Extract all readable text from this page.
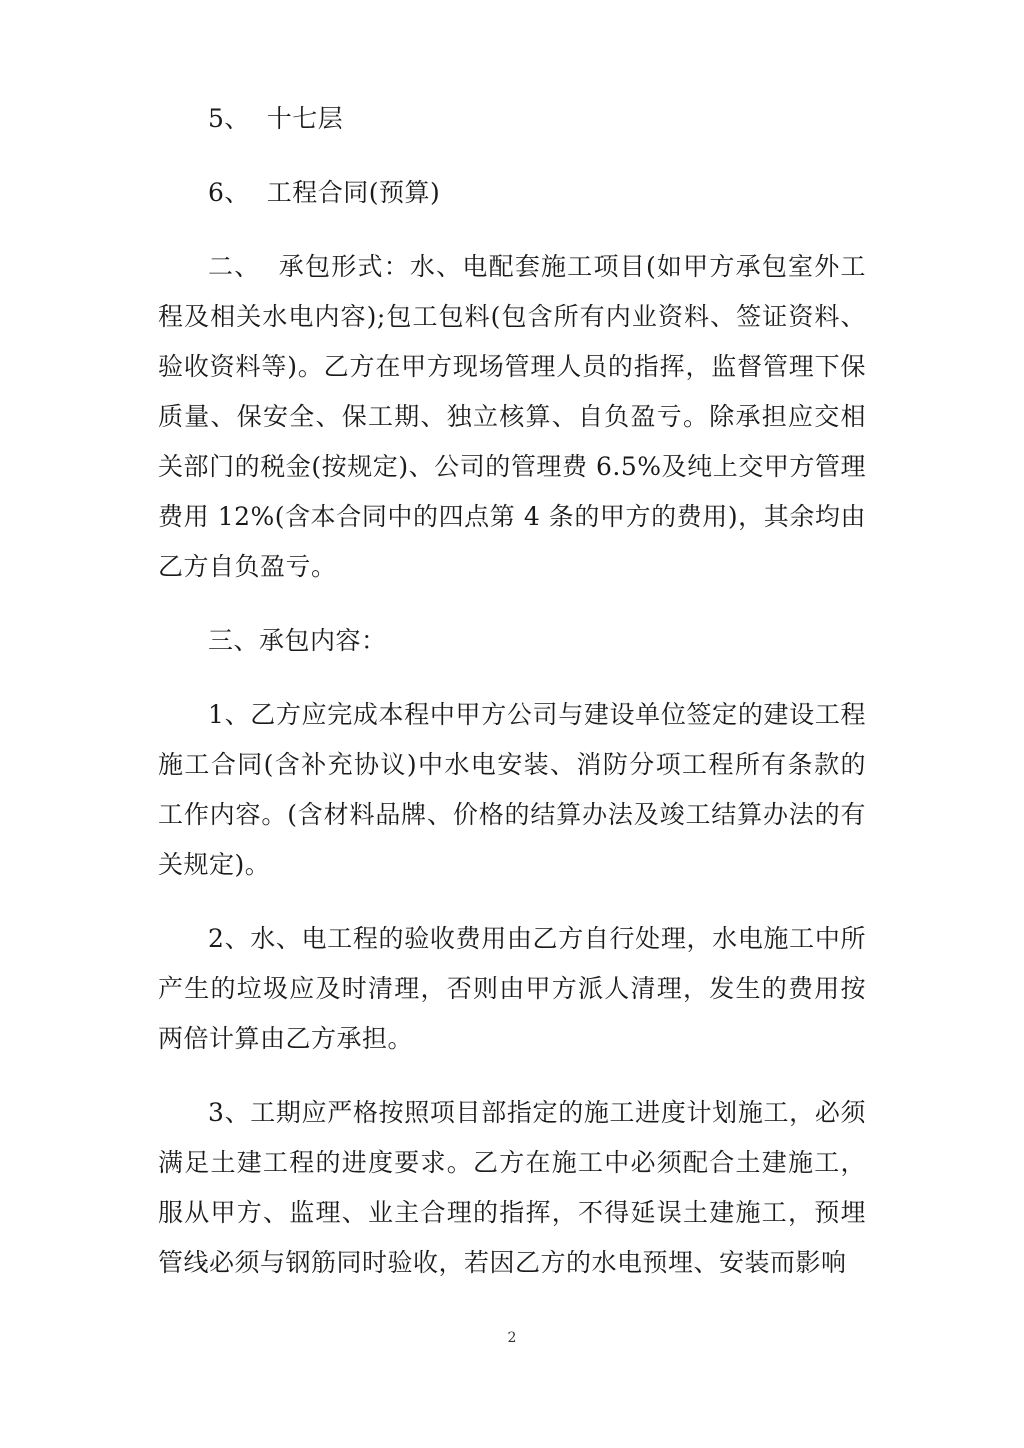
5、  十七层

6、  工程合同(预算)

二、  承包形式：水、电配套施工项目(如甲方承包室外工程及相关水电内容);包工包料(包含所有内业资料、签证资料、验收资料等)。乙方在甲方现场管理人员的指挥，监督管理下保质量、保安全、保工期、独立核算、自负盈亏。除承担应交相关部门的税金(按规定)、公司的管理费 6.5%及纯上交甲方管理费用 12%(含本合同中的四点第 4 条的甲方的费用)，其余均由乙方自负盈亏。

三、承包内容：

1、乙方应完成本程中甲方公司与建设单位签定的建设工程施工合同(含补充协议)中水电安装、消防分项工程所有条款的工作内容。(含材料品牌、价格的结算办法及竣工结算办法的有关规定)。

2、水、电工程的验收费用由乙方自行处理，水电施工中所产生的垃圾应及时清理，否则由甲方派人清理，发生的费用按两倍计算由乙方承担。

3、工期应严格按照项目部指定的施工进度计划施工，必须满足土建工程的进度要求。乙方在施工中必须配合土建施工，服从甲方、监理、业主合理的指挥，不得延误土建施工，预埋管线必须与钢筋同时验收，若因乙方的水电预埋、安装而影响

2
